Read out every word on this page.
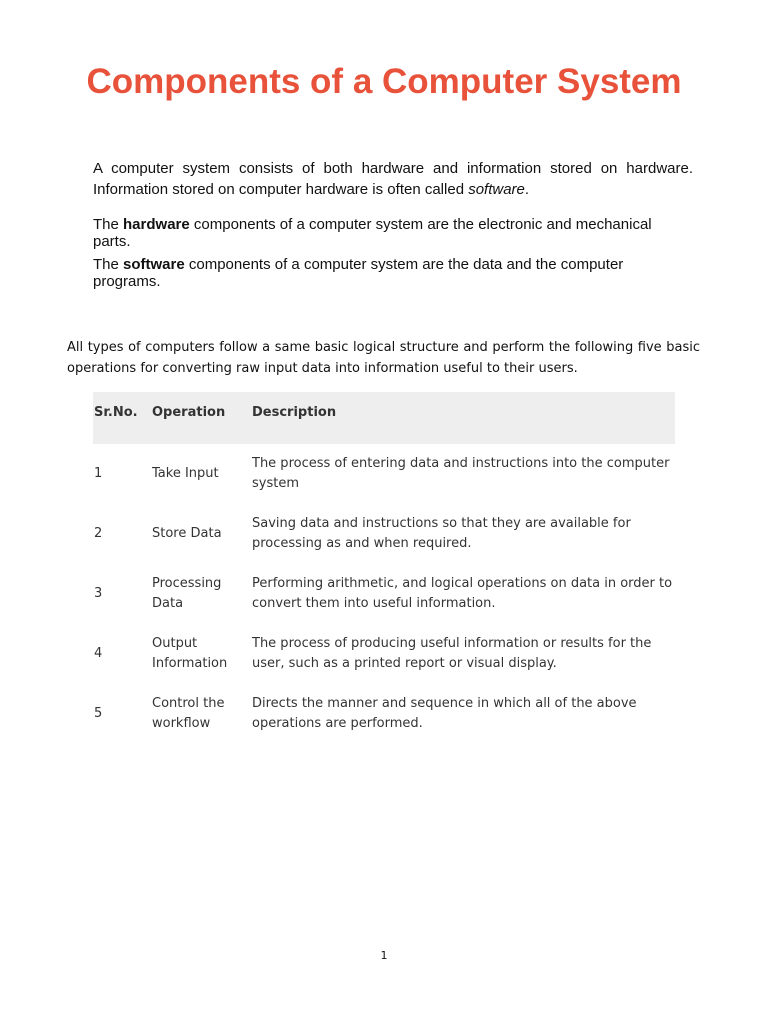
Components of a Computer System

A computer system consists of both hardware and information stored on hardware. Information stored on computer hardware is often called software.

The hardware components of a computer system are the electronic and mechanical parts.

The software components of a computer system are the data and the computer programs.

All types of computers follow a same basic logical structure and perform the following five basic operations for converting raw input data into information useful to their users.

Sr.No.	Operation	Description
1	Take Input	The process of entering data and instructions into the computer system
2	Store Data	Saving data and instructions so that they are available for processing as and when required.
3	Processing Data	Performing arithmetic, and logical operations on data in order to convert them into useful information.
4	Output Information	The process of producing useful information or results for the user, such as a printed report or visual display.
5	Control the workflow	Directs the manner and sequence in which all of the above operations are performed.
1
